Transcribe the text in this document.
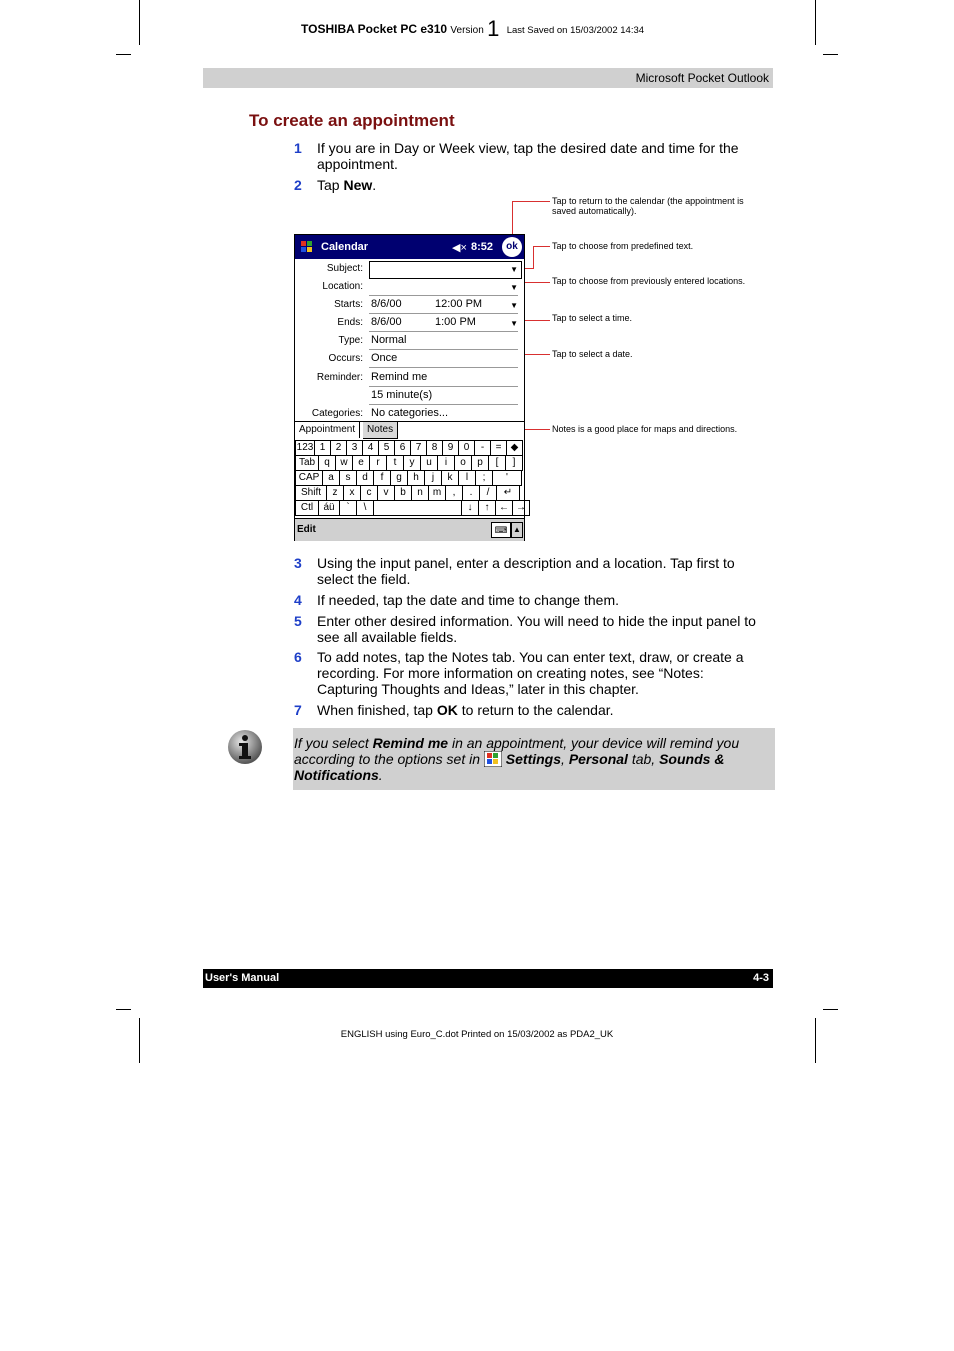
TOSHIBA Pocket PC e310 Version 1 Last Saved on 15/03/2002 14:34
Microsoft Pocket Outlook
To create an appointment
1 If you are in Day or Week view, tap the desired date and time for the appointment.
2 Tap New.
Tap to return to the calendar (the appointment is saved automatically).
Tap to choose from predefined text.
Tap to choose from previously entered locations.
Tap to select a time.
Tap to select a date.
Notes is a good place for maps and directions.
Calendar	◀× 8:52	ok
Subject:	▼
Location:	▼
Starts: 8/6/00	12:00 PM	▼
Ends: 8/6/00	1:00 PM	▼
Type: Normal
Occurs: Once
Reminder: Remind me
15 minute(s)
Categories: No categories...
Appointment	Notes
123 1	2	3	4	5	6	7	8	9	0	-	= ◆
Tab q	w	e	r	t	y	u	i	o	p	[	]
CAP a	s	d	f	g	h	j	k	l	;	'
Shift	z	x	c	v	b	n	m	,	.	/	↵
Ctl	áü	`	\	↓	↑ ← →
Edit	⌨ ▲
3 Using the input panel, enter a description and a location. Tap first to select the field.
4 If needed, tap the date and time to change them.
5 Enter other desired information. You will need to hide the input panel to see all available fields.
6 To add notes, tap the Notes tab. You can enter text, draw, or create a recording. For more information on creating notes, see “Notes: Capturing Thoughts and Ideas,” later in this chapter.
7 When finished, tap OK to return to the calendar.
If you select Remind me in an appointment, your device will remind you according to the options set in  Settings, Personal tab, Sounds & Notifications.
User's Manual	4-3
ENGLISH using Euro_C.dot Printed on 15/03/2002 as PDA2_UK
